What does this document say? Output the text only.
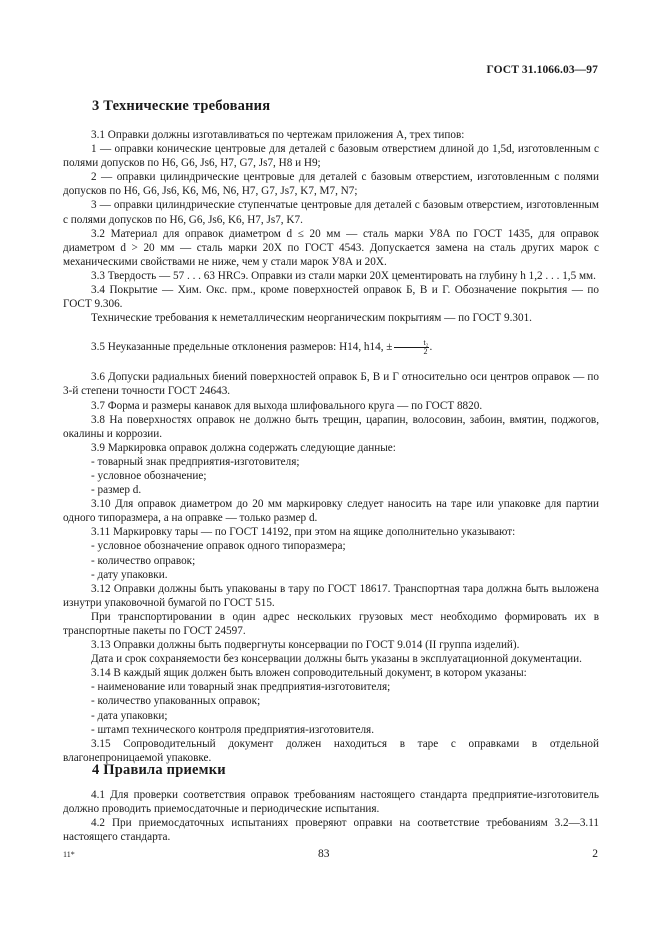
ГОСТ 31.1066.03—97
3 Технические требования

3.1 Оправки должны изготавливаться по чертежам приложения А, трех типов:

1 — оправки конические центровые для деталей с базовым отверстием длиной до 1,5d, изготовленным с полями допусков по H6, G6, Js6, H7, G7, Js7, H8 и H9;

2 — оправки цилиндрические центровые для деталей с базовым отверстием, изготовленным с полями допусков по H6, G6, Js6, K6, M6, N6, H7, G7, Js7, K7, M7, N7;

3 — оправки цилиндрические ступенчатые центровые для деталей с базовым отверстием, изготовленным с полями допусков по H6, G6, Js6, K6, H7, Js7, K7.

3.2 Материал для оправок диаметром d ≤ 20 мм — сталь марки У8А по ГОСТ 1435, для оправок диаметром d > 20 мм — сталь марки 20Х по ГОСТ 4543. Допускается замена на сталь других марок с механическими свойствами не ниже, чем у стали марок У8А и 20Х.

3.3 Твердость — 57 . . . 63 HRCэ. Оправки из стали марки 20Х цементировать на глубину h 1,2 . . . 1,5 мм.

3.4 Покрытие — Хим. Окс. прм., кроме поверхностей оправок Б, В и Г. Обозначение покрытия — по ГОСТ 9.306.

Технические требования к неметаллическим неорганическим покрытиям — по ГОСТ 9.301.

3.5 Неуказанные предельные отклонения размеров: H14, h14, ± $\frac{\text{t₂}}{2}$ .

3.6 Допуски радиальных биений поверхностей оправок Б, В и Г относительно оси центров оправок — по 3-й степени точности ГОСТ 24643.

3.7 Форма и размеры канавок для выхода шлифовального круга — по ГОСТ 8820.

3.8 На поверхностях оправок не должно быть трещин, царапин, волосовин, забоин, вмятин, поджогов, окалины и коррозии.

3.9 Маркировка оправок должна содержать следующие данные:

- товарный знак предприятия-изготовителя;

- условное обозначение;

- размер d.

3.10 Для оправок диаметром до 20 мм маркировку следует наносить на таре или упаковке для партии одного типоразмера, а на оправке — только размер d.

3.11 Маркировку тары — по ГОСТ 14192, при этом на ящике дополнительно указывают:

- условное обозначение оправок одного типоразмера;

- количество оправок;

- дату упаковки.

3.12 Оправки должны быть упакованы в тару по ГОСТ 18617. Транспортная тара должна быть выложена изнутри упаковочной бумагой по ГОСТ 515.

При транспортировании в один адрес нескольких грузовых мест необходимо формировать их в транспортные пакеты по ГОСТ 24597.

3.13 Оправки должны быть подвергнуты консервации по ГОСТ 9.014 (II группа изделий).

Дата и срок сохраняемости без консервации должны быть указаны в эксплуатационной документации.

3.14 В каждый ящик должен быть вложен сопроводительный документ, в котором указаны:

- наименование или товарный знак предприятия-изготовителя;

- количество упакованных оправок;

- дата упаковки;

- штамп технического контроля предприятия-изготовителя.

3.15 Сопроводительный документ должен находиться в таре с оправками в отдельной влагонепроницаемой упаковке.

4 Правила приемки

4.1 Для проверки соответствия оправок требованиям настоящего стандарта предприятие-изготовитель должно проводить приемосдаточные и периодические испытания.

4.2 При приемосдаточных испытаниях проверяют оправки на соответствие требованиям 3.2—3.11 настоящего стандарта.

11*	83	2
